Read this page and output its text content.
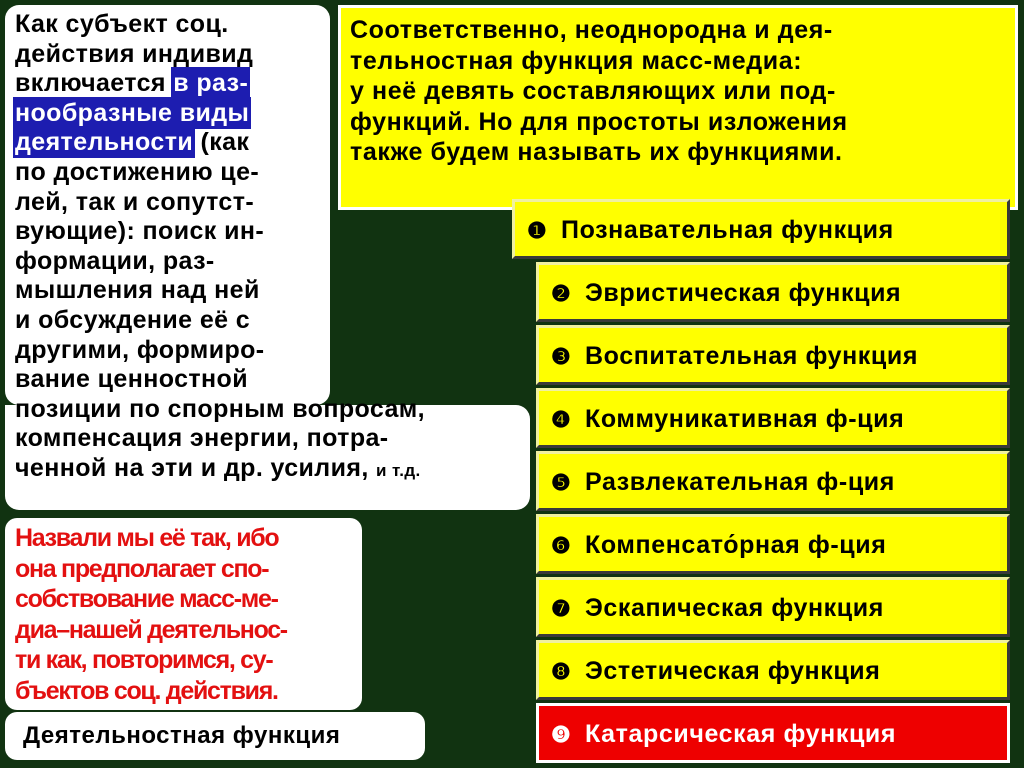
Как субъект соц.
действия индивид
включается в раз-
нообразные виды
деятельности (как
по достижению це-
лей, так и сопутст-
вующие): поиск ин-
формации, раз-
мышления над ней
и обсуждение её с
другими, формиро-
вание ценностной
позиции по спорным вопросам,
компенсация энергии, потра-
ченной на эти и др. усилия, и т.д.
Назвали мы её так, ибо
она предполагает спо-
собствование масс-ме-
диа–нашей деятельнос-
ти как, повторимся, су-
бъектов соц. действия.
Деятельностная функция
Соответственно, неоднородна и дея-
тельностная функция масс-медиа:
у неё девять составляющих или под-
функций. Но для простоты изложения
также будем называть их функциями.
❶ Познавательная функция
❷ Эвристическая функция
❸ Воспитательная функция
❹ Коммуникативная ф-ция
❺ Развлекательная ф-ция
❻ Компенсато́рная ф-ция
❼ Эскапическая функция
❽ Эстетическая функция
❾ Катарсическая функция
